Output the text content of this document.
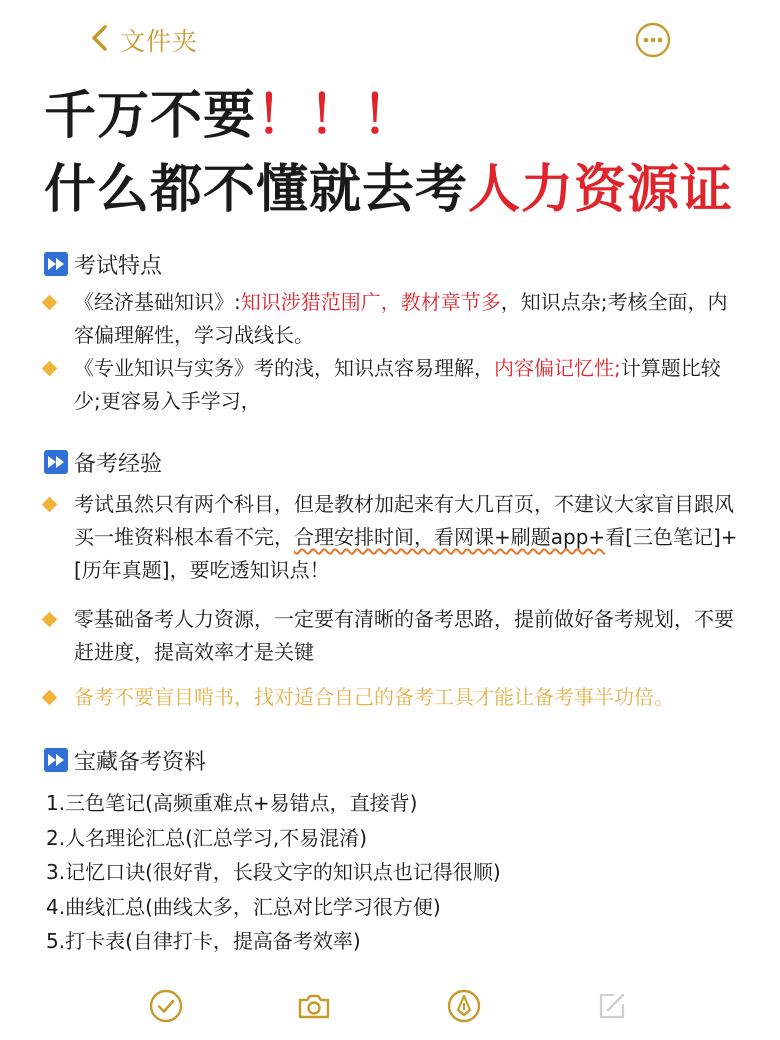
文件夹
千万不要！！！
什么都不懂就去考人力资源证
考试特点
《经济基础知识》:知识涉猎范围广，教材章节多，知识点杂;考核全面，内容偏理解性，学习战线长。
《专业知识与实务》考的浅，知识点容易理解，内容偏记忆性;计算题比较少;更容易入手学习，
备考经验
考试虽然只有两个科目，但是教材加起来有大几百页，不建议大家盲目跟风买一堆资料根本看不完，合理安排时间，看网课+刷题app+看[三色笔记]+[历年真题]，要吃透知识点！
零基础备考人力资源，一定要有清晰的备考思路，提前做好备考规划，不要赶进度，提高效率才是关键
备考不要盲目啃书，找对适合自己的备考工具才能让备考事半功倍。
宝藏备考资料
1.三色笔记(高频重难点+易错点，直接背)
2.人名理论汇总(汇总学习,不易混淆)
3.记忆口诀(很好背，长段文字的知识点也记得很顺)
4.曲线汇总(曲线太多，汇总对比学习很方便)
5.打卡表(自律打卡，提高备考效率)
